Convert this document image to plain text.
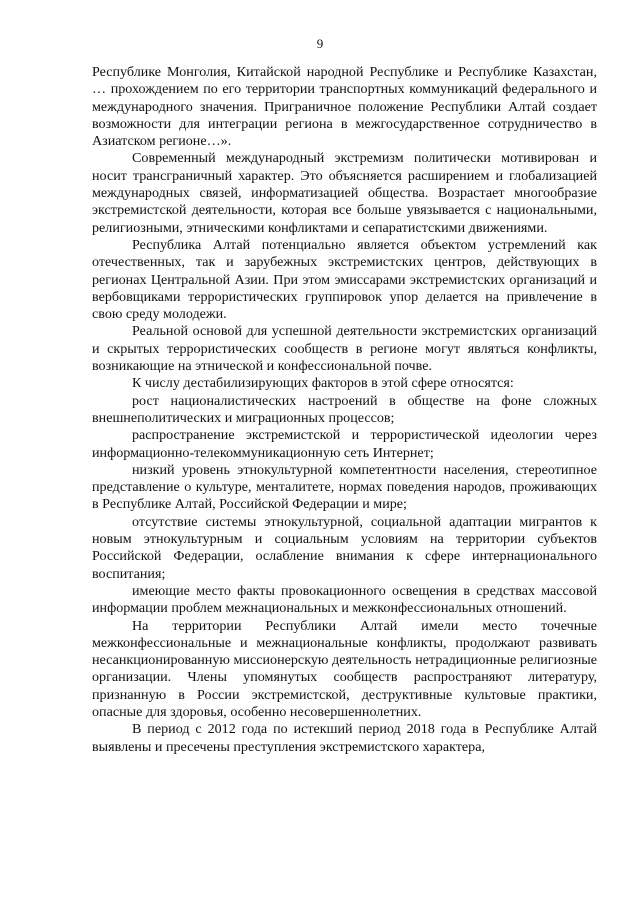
9

Республике Монголия, Китайской народной Республике и Республике Казахстан, … прохождением по его территории транспортных коммуникаций федерального и международного значения. Приграничное положение Республики Алтай создает возможности для интеграции региона в межгосударственное сотрудничество в Азиатском регионе…».

Современный международный экстремизм политически мотивирован и носит трансграничный характер. Это объясняется расширением и глобализацией международных связей, информатизацией общества. Возрастает многообразие экстремистской деятельности, которая все больше увязывается с национальными, религиозными, этническими конфликтами и сепаратистскими движениями.

Республика Алтай потенциально является объектом устремлений как отечественных, так и зарубежных экстремистских центров, действующих в регионах Центральной Азии. При этом эмиссарами экстремистских организаций и вербовщиками террористических группировок упор делается на привлечение в свою среду молодежи.

Реальной основой для успешной деятельности экстремистских организаций и скрытых террористических сообществ в регионе могут являться конфликты, возникающие на этнической и конфессиональной почве.

К числу дестабилизирующих факторов в этой сфере относятся:

рост националистических настроений в обществе на фоне сложных внешнеполитических и миграционных процессов;

распространение экстремистской и террористической идеологии через информационно-телекоммуникационную сеть Интернет;

низкий уровень этнокультурной компетентности населения, стереотипное представление о культуре, менталитете, нормах поведения народов, проживающих в Республике Алтай, Российской Федерации и мире;

отсутствие системы этнокультурной, социальной адаптации мигрантов к новым этнокультурным и социальным условиям на территории субъектов Российской Федерации, ослабление внимания к сфере интернационального воспитания;

имеющие место факты провокационного освещения в средствах массовой информации проблем межнациональных и межконфессиональных отношений.

На территории Республики Алтай имели место точечные межконфессиональные и межнациональные конфликты, продолжают развивать несанкционированную миссионерскую деятельность нетрадиционные религиозные организации. Члены упомянутых сообществ распространяют литературу, признанную в России экстремистской, деструктивные культовые практики, опасные для здоровья, особенно несовершеннолетних.

В период с 2012 года по истекший период 2018 года в Республике Алтай выявлены и пресечены преступления экстремистского характера,
